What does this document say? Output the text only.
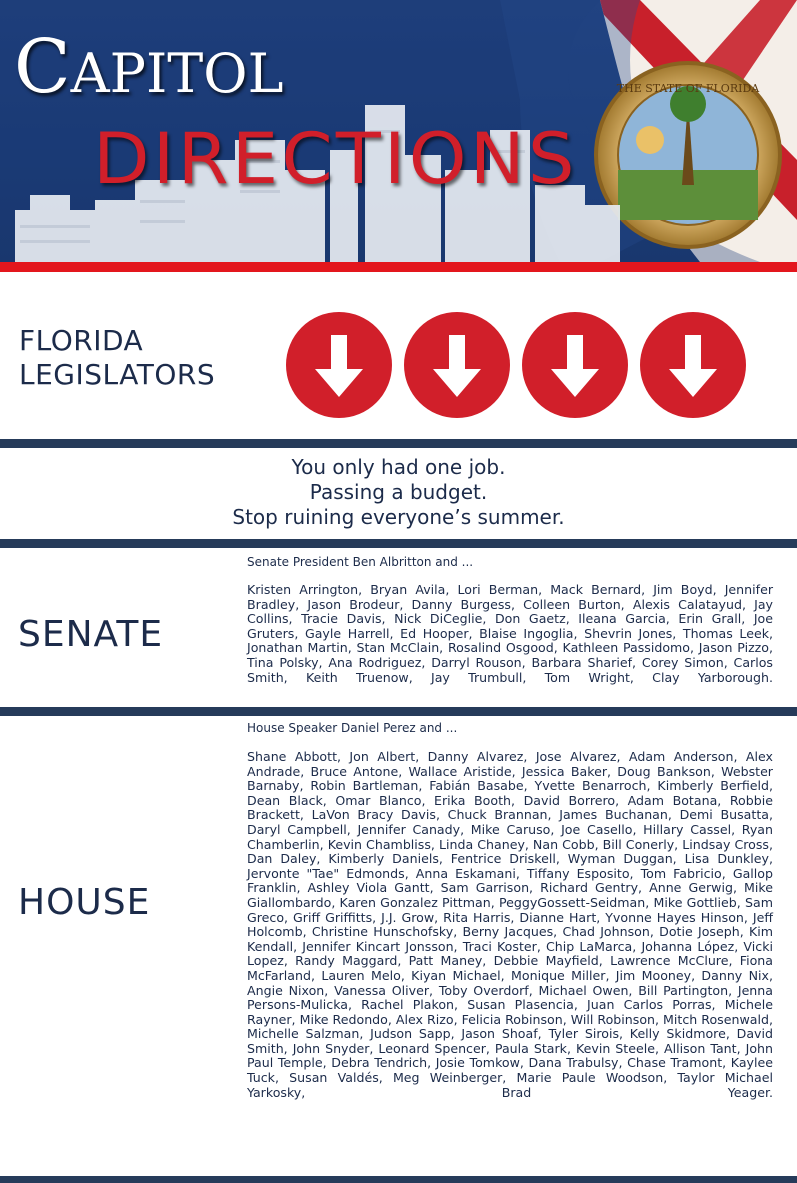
THE STATE OF FLORIDA
CAPITOL
DIRECTIONS
FLORIDA
LEGISLATORS
You only had one job.
Passing a budget.
Stop ruining everyone’s summer.
SENATE
Senate President Ben Albritton and ...
Kristen Arrington, Bryan Avila, Lori Berman, Mack Bernard, Jim Boyd, Jennifer Bradley, Jason Brodeur, Danny Burgess, Colleen Burton, Alexis Calatayud, Jay Collins, Tracie Davis, Nick DiCeglie, Don Gaetz, Ileana Garcia, Erin Grall, Joe Gruters, Gayle Harrell, Ed Hooper, Blaise Ingoglia, Shevrin Jones, Thomas Leek, Jonathan Martin, Stan McClain, Rosalind Osgood, Kathleen Passidomo, Jason Pizzo, Tina Polsky, Ana Rodriguez, Darryl Rouson, Barbara Sharief, Corey Simon, Carlos Smith, Keith Truenow, Jay Trumbull, Tom Wright, Clay Yarborough.
HOUSE
House Speaker Daniel Perez and ...
Shane Abbott, Jon Albert, Danny Alvarez, Jose Alvarez, Adam Anderson, Alex Andrade, Bruce Antone, Wallace Aristide, Jessica Baker, Doug Bankson, Webster Barnaby, Robin Bartleman, Fabián Basabe, Yvette Benarroch, Kimberly Berfield, Dean Black, Omar Blanco, Erika Booth, David Borrero, Adam Botana, Robbie Brackett, LaVon Bracy Davis, Chuck Brannan, James Buchanan, Demi Busatta, Daryl Campbell, Jennifer Canady, Mike Caruso, Joe Casello, Hillary Cassel, Ryan Chamberlin, Kevin Chambliss, Linda Chaney, Nan Cobb, Bill Conerly, Lindsay Cross, Dan Daley, Kimberly Daniels, Fentrice Driskell, Wyman Duggan, Lisa Dunkley, Jervonte "Tae" Edmonds, Anna Eskamani, Tiffany Esposito, Tom Fabricio, Gallop Franklin, Ashley Viola Gantt, Sam Garrison, Richard Gentry, Anne Gerwig, Mike Giallombardo, Karen Gonzalez Pittman, PeggyGossett-Seidman, Mike Gottlieb, Sam Greco, Griff Griffitts, J.J. Grow, Rita Harris, Dianne Hart, Yvonne Hayes Hinson, Jeff Holcomb, Christine Hunschofsky, Berny Jacques, Chad Johnson, Dotie Joseph, Kim Kendall, Jennifer Kincart Jonsson, Traci Koster, Chip LaMarca, Johanna López, Vicki Lopez, Randy Maggard, Patt Maney, Debbie Mayfield, Lawrence McClure, Fiona McFarland, Lauren Melo, Kiyan Michael, Monique Miller, Jim Mooney, Danny Nix, Angie Nixon, Vanessa Oliver, Toby Overdorf, Michael Owen, Bill Partington, Jenna Persons-Mulicka, Rachel Plakon, Susan Plasencia, Juan Carlos Porras, Michele Rayner, Mike Redondo, Alex Rizo, Felicia Robinson, Will Robinson, Mitch Rosenwald, Michelle Salzman, Judson Sapp, Jason Shoaf, Tyler Sirois, Kelly Skidmore, David Smith, John Snyder, Leonard Spencer, Paula Stark, Kevin Steele, Allison Tant, John Paul Temple, Debra Tendrich, Josie Tomkow, Dana Trabulsy, Chase Tramont, Kaylee Tuck, Susan Valdés, Meg Weinberger, Marie Paule Woodson, Taylor Michael Yarkosky, Brad Yeager.
